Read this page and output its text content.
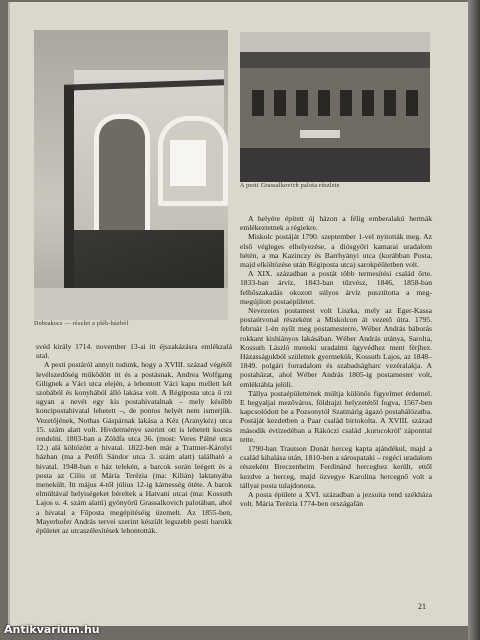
Dobrakocs — részlet a pléh-házból
A pesti Grassalkovich palota részlete

svéd király 1714. november 13-ai itt éjszakázásra emlékzalá utal.

A pesti postáról annyit tudunk, hogy a XVIII. század végétől levélszedőség működött itt és a postásnak, Andrea Wolfgang Gilignek a Váci utca elején, a lebontott Váci kapu mellett két szobából és konyhából álló lakása volt. A Régiposta utca ő rzi ugyan a nevét egy kis postahivatalnak – mely később koncipostahivatal lehetett –, de pontos helyét nem ismerjük. Vezetőjének, Nothas Gáspárnak lakása a Kéz (Aranykéz) utca 15. szám alatt volt. Hivdetménye szerint ott is lehetett kocsis rendelni. 1803-ban a Zöldfa utca 36. (most: Veres Pálné utca 12.) alá költözött a hivatal. 1822-ben már a Trattner-Károlyi házban (ma a Petőfi Sándor utca 3. szám alatt) található a hivatal. 1948-ban e ház telekén, a barcok során leégett és a posta az Ciliu ut Mária Terézia (ma: Kilián) laktanyába menekült. Itt május 4-től július 12-ig kárnesség ötéte. A barok elmúltával helyiségeket béreltek a Hatvani utcai (ma: Kossuth Lajos u. 4. szám alatti) gyönyörű Grassalkovich palotában, ahol a hivatal a Főposta megépítéséig üzemelt. Az 1855-ben, Mayerhofer András tervei szerint készült legszebb pesti barokk épületet az utcaszélesítések lebontották.

A helyére épített új házon a félig emberalakú hermák emlékeztetnek a régiekre.

Miskolc postáját 1790. szeptember 1-vel nyitották meg. Az első végleges elhelyezése, a diósgyőri kamarai uradalom hétén, a ma Kazinczy és Barrhyányi utca (korábban Posta, majd elköltözése után Régiposta utca) sarokpéületben volt.

A XIX. században a postát több termesítési család őrte. 1833-ban árvíz, 1843-ban tűzvész, 1846, 1858-ban felhőszakadás okozott súlyos árvíz pusztította a meg-megújított postaépületet.

Nevezetes postamest volt Liszka, mely az Eger-Kassa postaútvonal részeként a Miskolcon át vezető útra. 1795. február 1-én nyílt meg postamesterre, Wéber András báborás rokkant kishiányos lakásában. Wéber András utánya, Sarolta, Kossuth László menoki uradalmi ügyvédhez ment férjhez. Házasságukból születtek gyermekük, Kossuth Lajos, az 1848–1849. polgári forradalom és szabadságharc vezéralakja. A postaházat, ahol Wéber András 1805-ig postamester volt, emléktábla jelöli.

Tállya postaépülettének múltja különös figyelmet érdemel. E hegyaljai mezőváros, földrajzi helyzetétől fogva, 1567-ben kapcsolódott be a Pozsonytól Szatmárig ágazó postahálózatba. Postáját kezdetben a Paar család birtokolta. A XVIII. század második évtizedéban a Rákóczi család ‚kurucokról' záponttal tette.

1790-ban Trautson Donát herceg kapta ajándékul, majd a család kihalása után, 1810-ben a sárospataki – regéci uradalom részeként Breczenheim Ferdinánd herceghez került, ettől kezdve a herceg, majd özvegye Karolina hercegnő volt a tállyai posta tulajdonosa.

A posta épülete a XVI. században a jezsuita rend székháza volt. Mária Terézia 1774-ben országafán

21
Antikvarium.hu
